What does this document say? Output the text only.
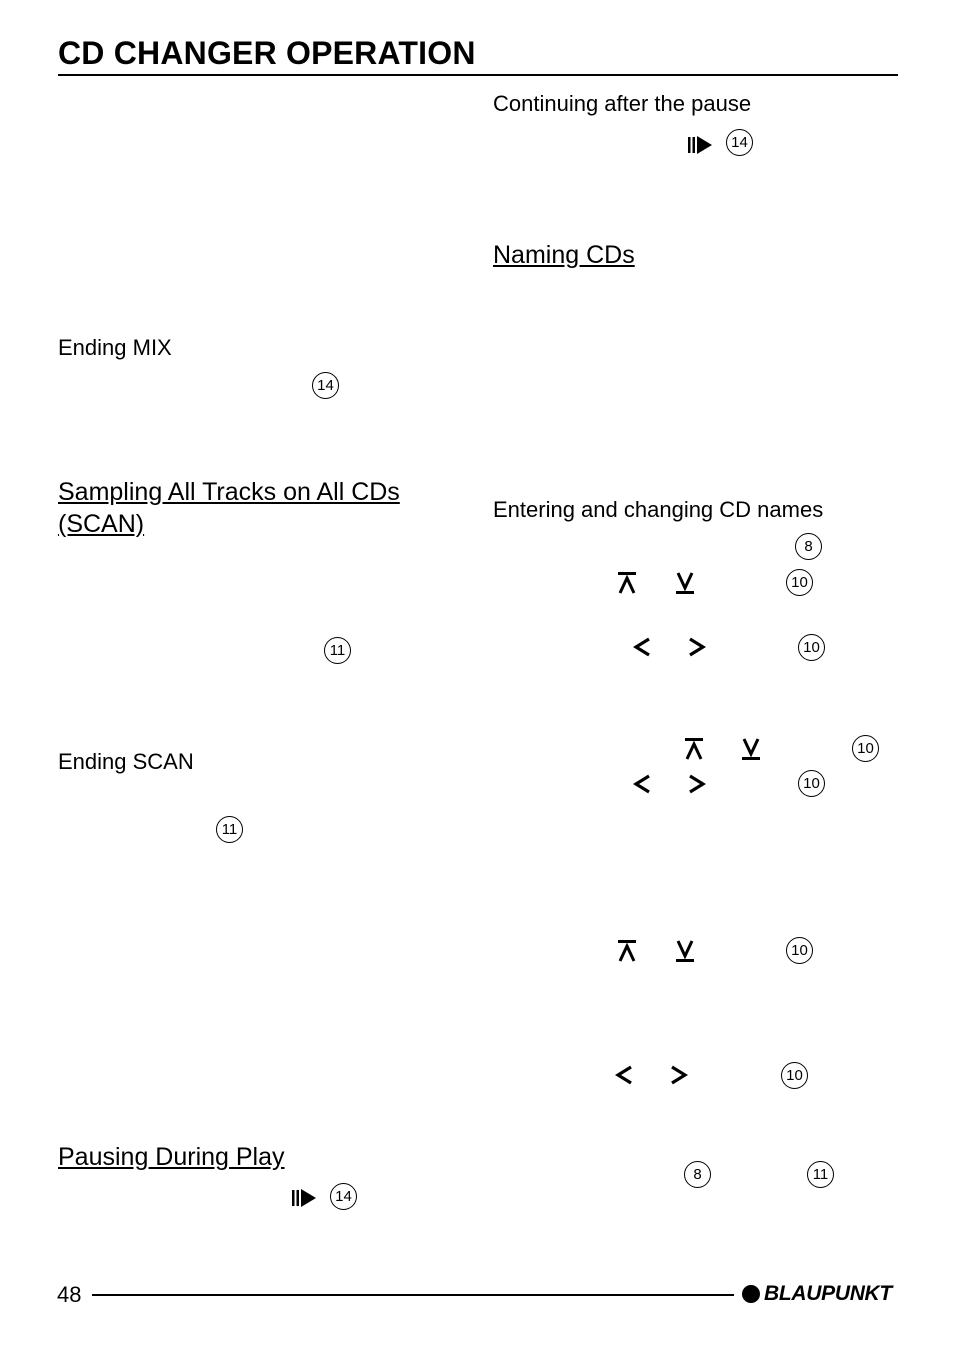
CD CHANGER OPERATION
Ending MIX
14
Sampling All Tracks on All CDs
(SCAN)
11
Ending SCAN
11
Pausing During Play
14
Continuing after the pause
14
Naming CDs
Entering and changing CD names
8
10
10
10
10
10
10
8	11
48	BLAUPUNKT
